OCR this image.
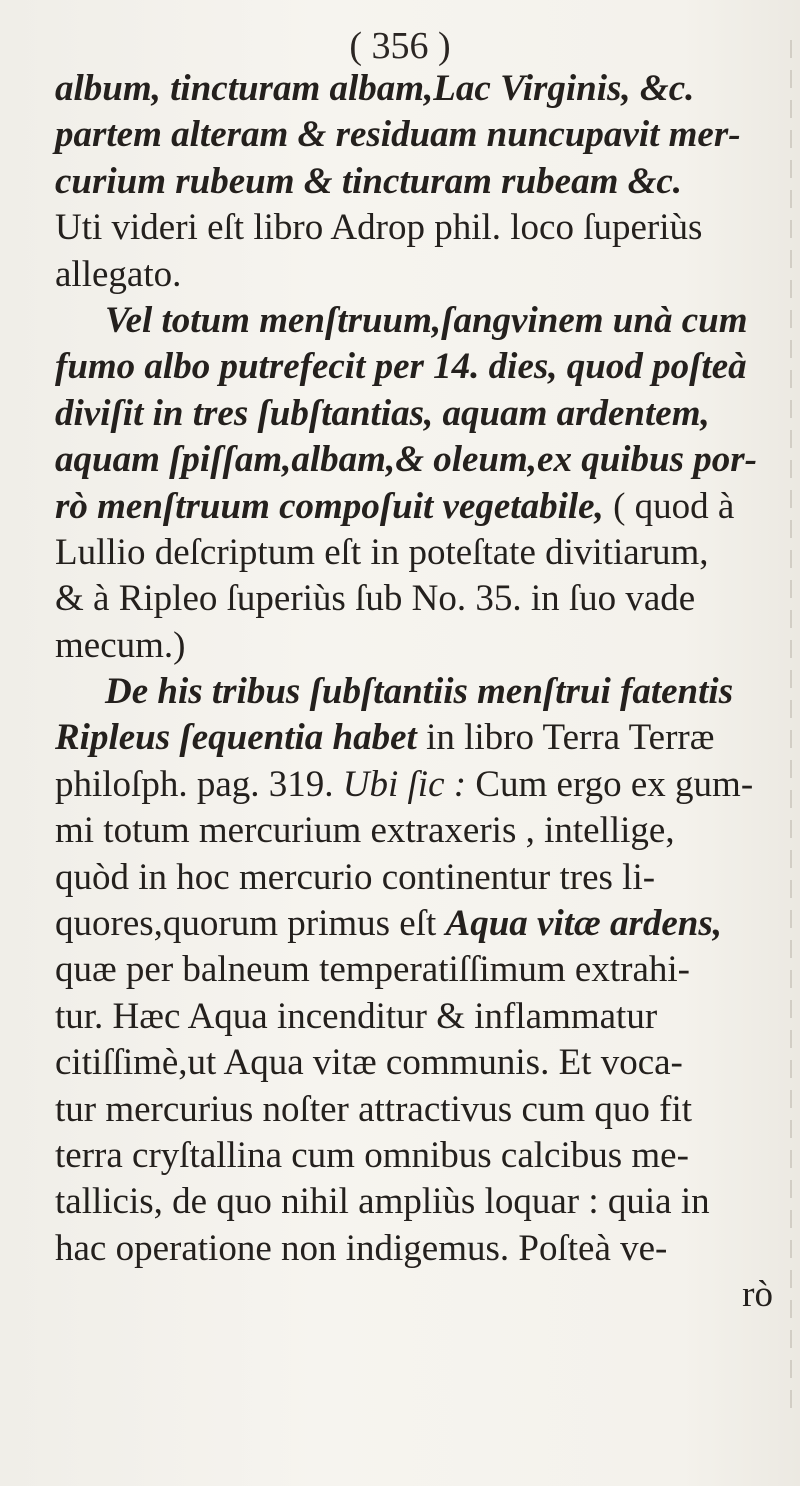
( 356 )
album, tincturam albam,Lac Virginis, &c.
partem alteram & residuam nuncupavit mer-
curium rubeum & tincturam rubeam &c.
Uti videri eſt libro Adrop phil. loco ſuperiùs
allegato.
Vel totum menſtruum,ſangvinem unà cum
fumo albo putrefecit per 14. dies, quod poſteà
diviſit in tres ſubſtantias, aquam ardentem,
aquam ſpiſſam,albam,& oleum,ex quibus por-
rò menſtruum compoſuit vegetabile, ( quod à
Lullio deſcriptum eſt in poteſtate divitiarum,
& à Ripleo ſuperiùs ſub No. 35. in ſuo vade
mecum.)
De his tribus ſubſtantiis menſtrui fatentis
Ripleus ſequentia habet in libro Terra Terræ
philoſph. pag. 319. Ubi ſic : Cum ergo ex gum-
mi totum mercurium extraxeris , intellige,
quòd in hoc mercurio continentur tres li-
quores,quorum primus eſt Aqua vitæ ardens,
quæ per balneum temperatiſſimum extrahi-
tur. Hæc Aqua incenditur & inflammatur
citiſſimè,ut Aqua vitæ communis. Et voca-
tur mercurius noſter attractivus cum quo fit
terra cryſtallina cum omnibus calcibus me-
tallicis, de quo nihil ampliùs loquar : quia in
hac operatione non indigemus. Poſteà ve-
rò
